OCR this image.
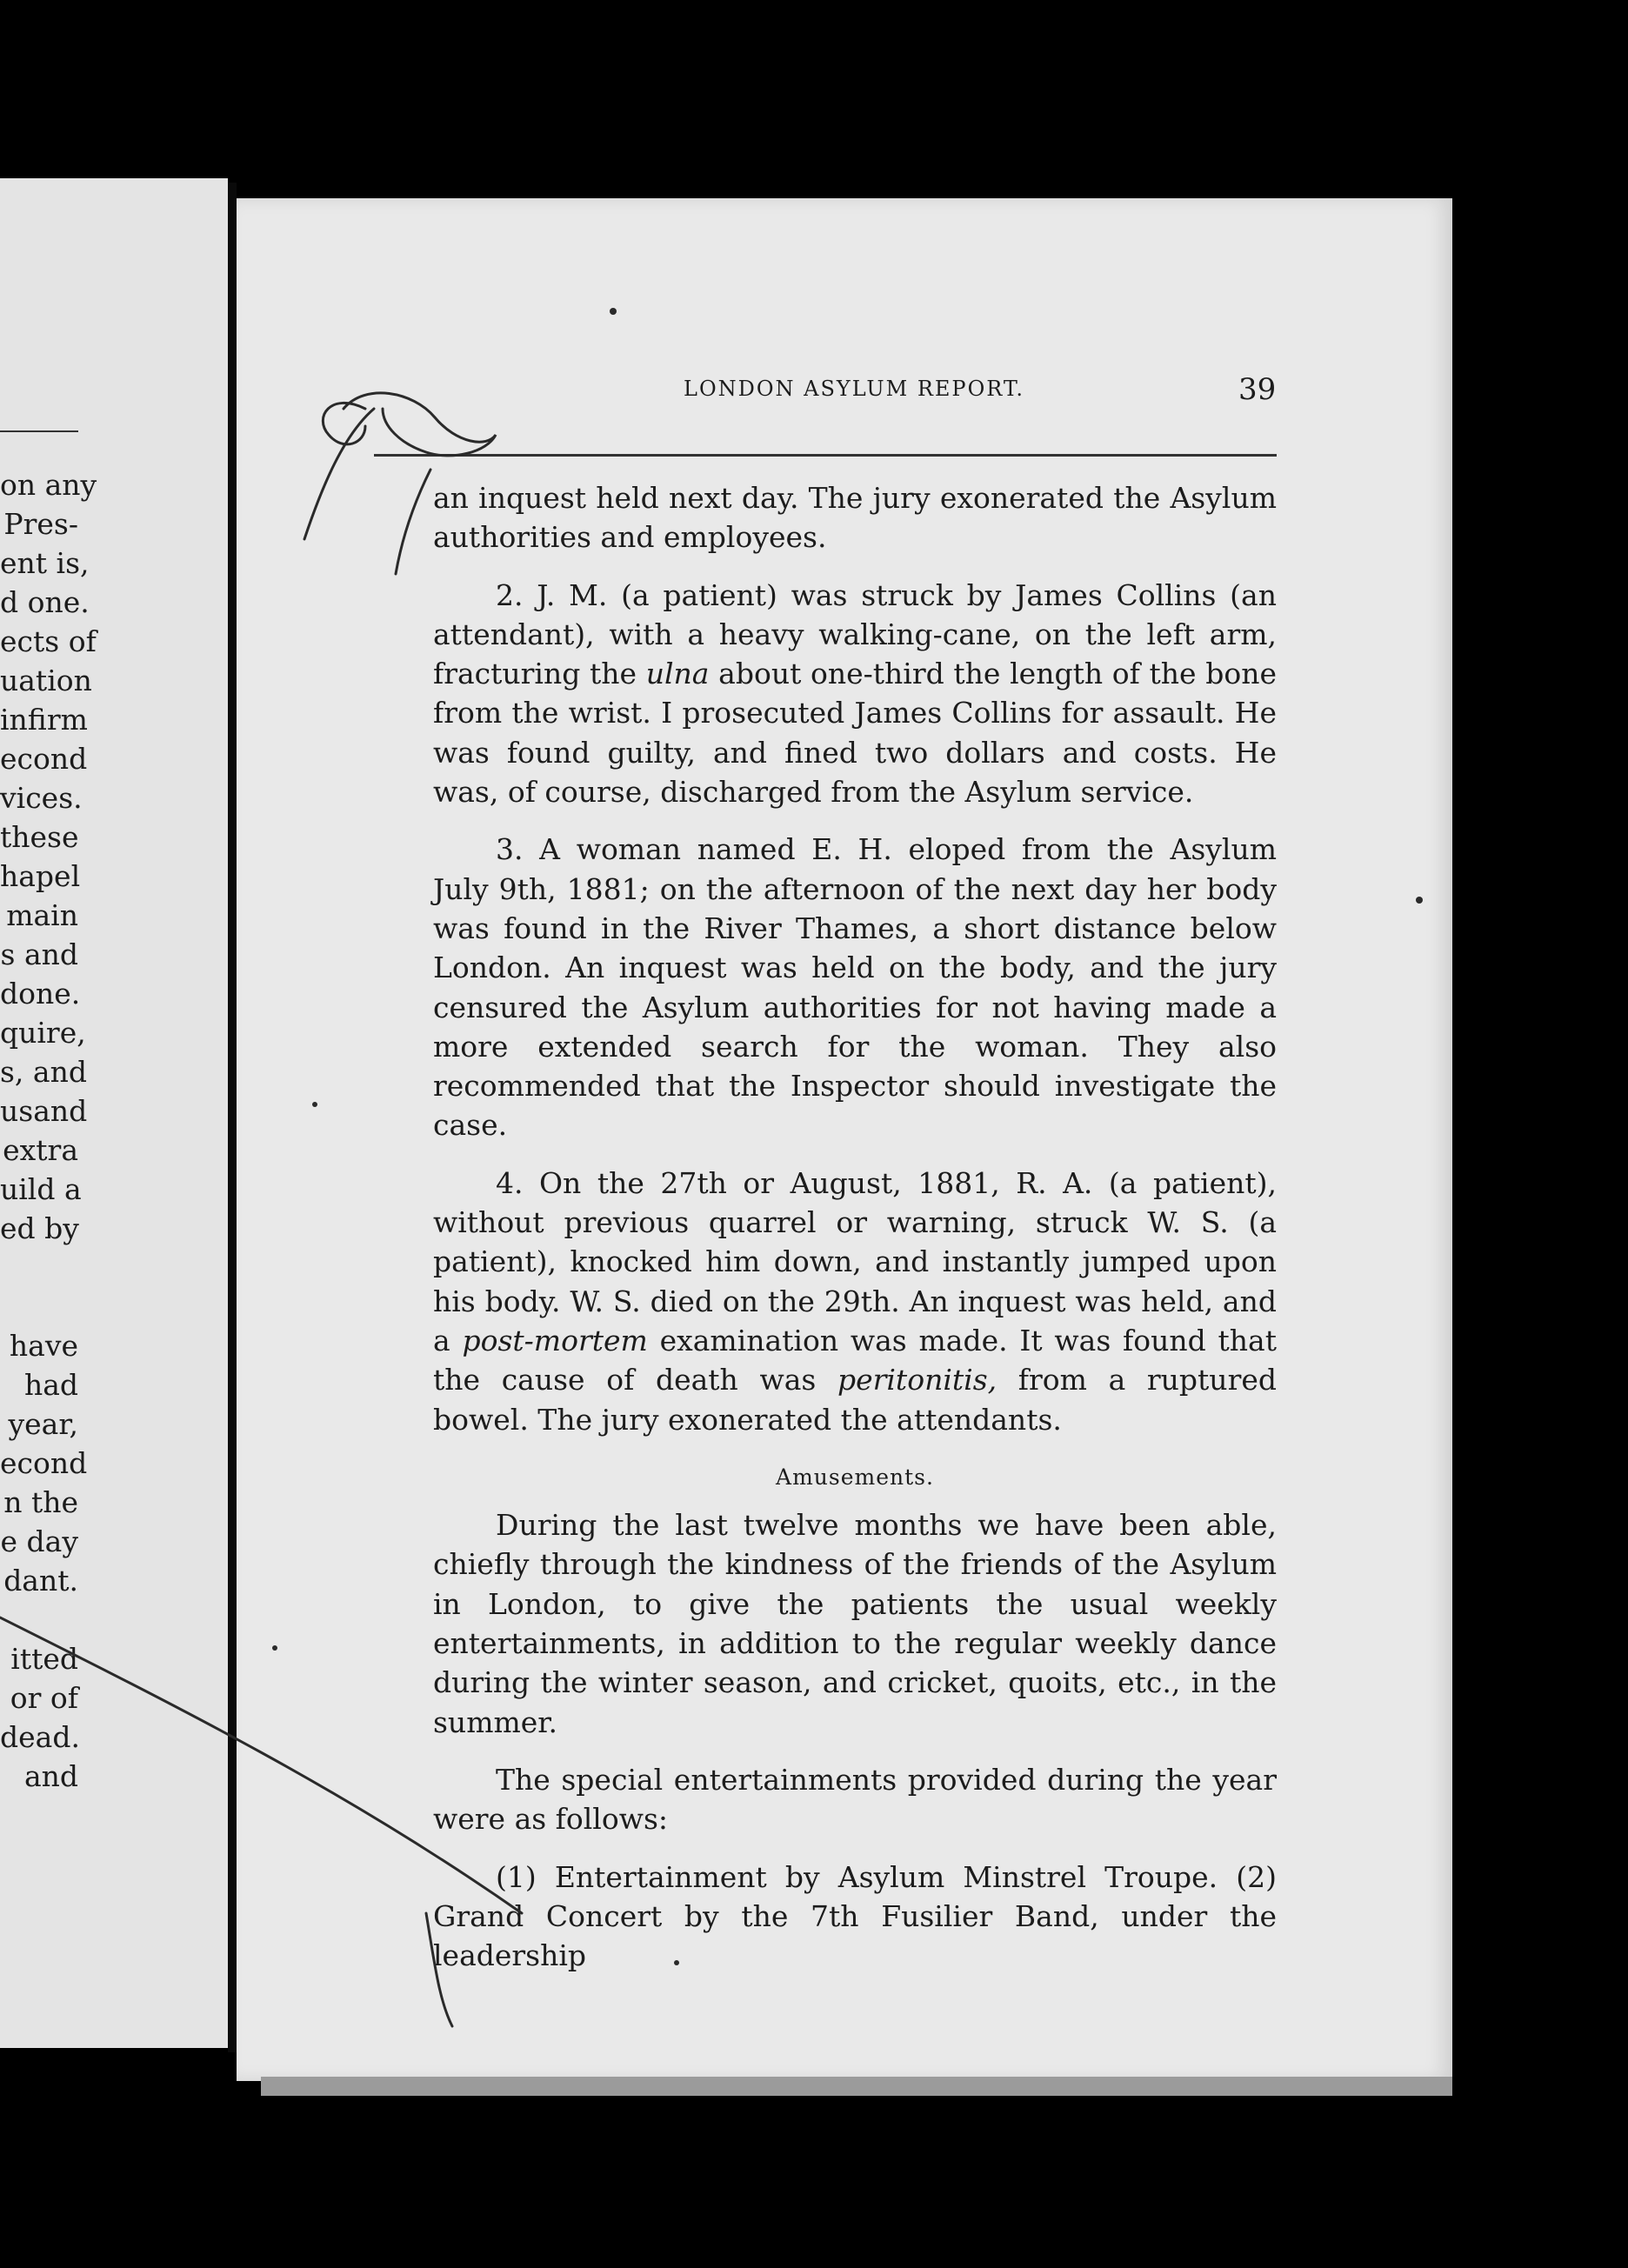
on any
Pres-
ent is,
d one.
ects of
uation
infirm
econd
vices.
these
hapel
main
s and
done.
quire,
s, and
usand
extra
uild a
ed by
have
had
year,
econd
n the
e day
dant.
itted
or of
dead.
and
LONDON ASYLUM REPORT.	39
an inquest held next day. The jury exonerated the Asylum authorities and employees.
2. J. M. (a patient) was struck by James Collins (an attendant), with a heavy walking-cane, on the left arm, fracturing the ulna about one-third the length of the bone from the wrist. I prosecuted James Collins for assault. He was found guilty, and fined two dollars and costs. He was, of course, discharged from the Asylum service.
3. A woman named E. H. eloped from the Asylum July 9th, 1881; on the afternoon of the next day her body was found in the River Thames, a short distance below London. An inquest was held on the body, and the jury censured the Asylum authorities for not having made a more extended search for the woman. They also recommended that the Inspector should investigate the case.
4. On the 27th or August, 1881, R. A. (a patient), without previous quarrel or warning, struck W. S. (a patient), knocked him down, and instantly jumped upon his body. W. S. died on the 29th. An inquest was held, and a post-mortem examination was made. It was found that the cause of death was peritonitis, from a ruptured bowel. The jury exonerated the attendants.
Amusements.
During the last twelve months we have been able, chiefly through the kindness of the friends of the Asylum in London, to give the patients the usual weekly entertainments, in addition to the regular weekly dance during the winter season, and cricket, quoits, etc., in the summer.
The special entertainments provided during the year were as follows:
(1) Entertainment by Asylum Minstrel Troupe. (2) Grand Concert by the 7th Fusilier Band, under the leadership
